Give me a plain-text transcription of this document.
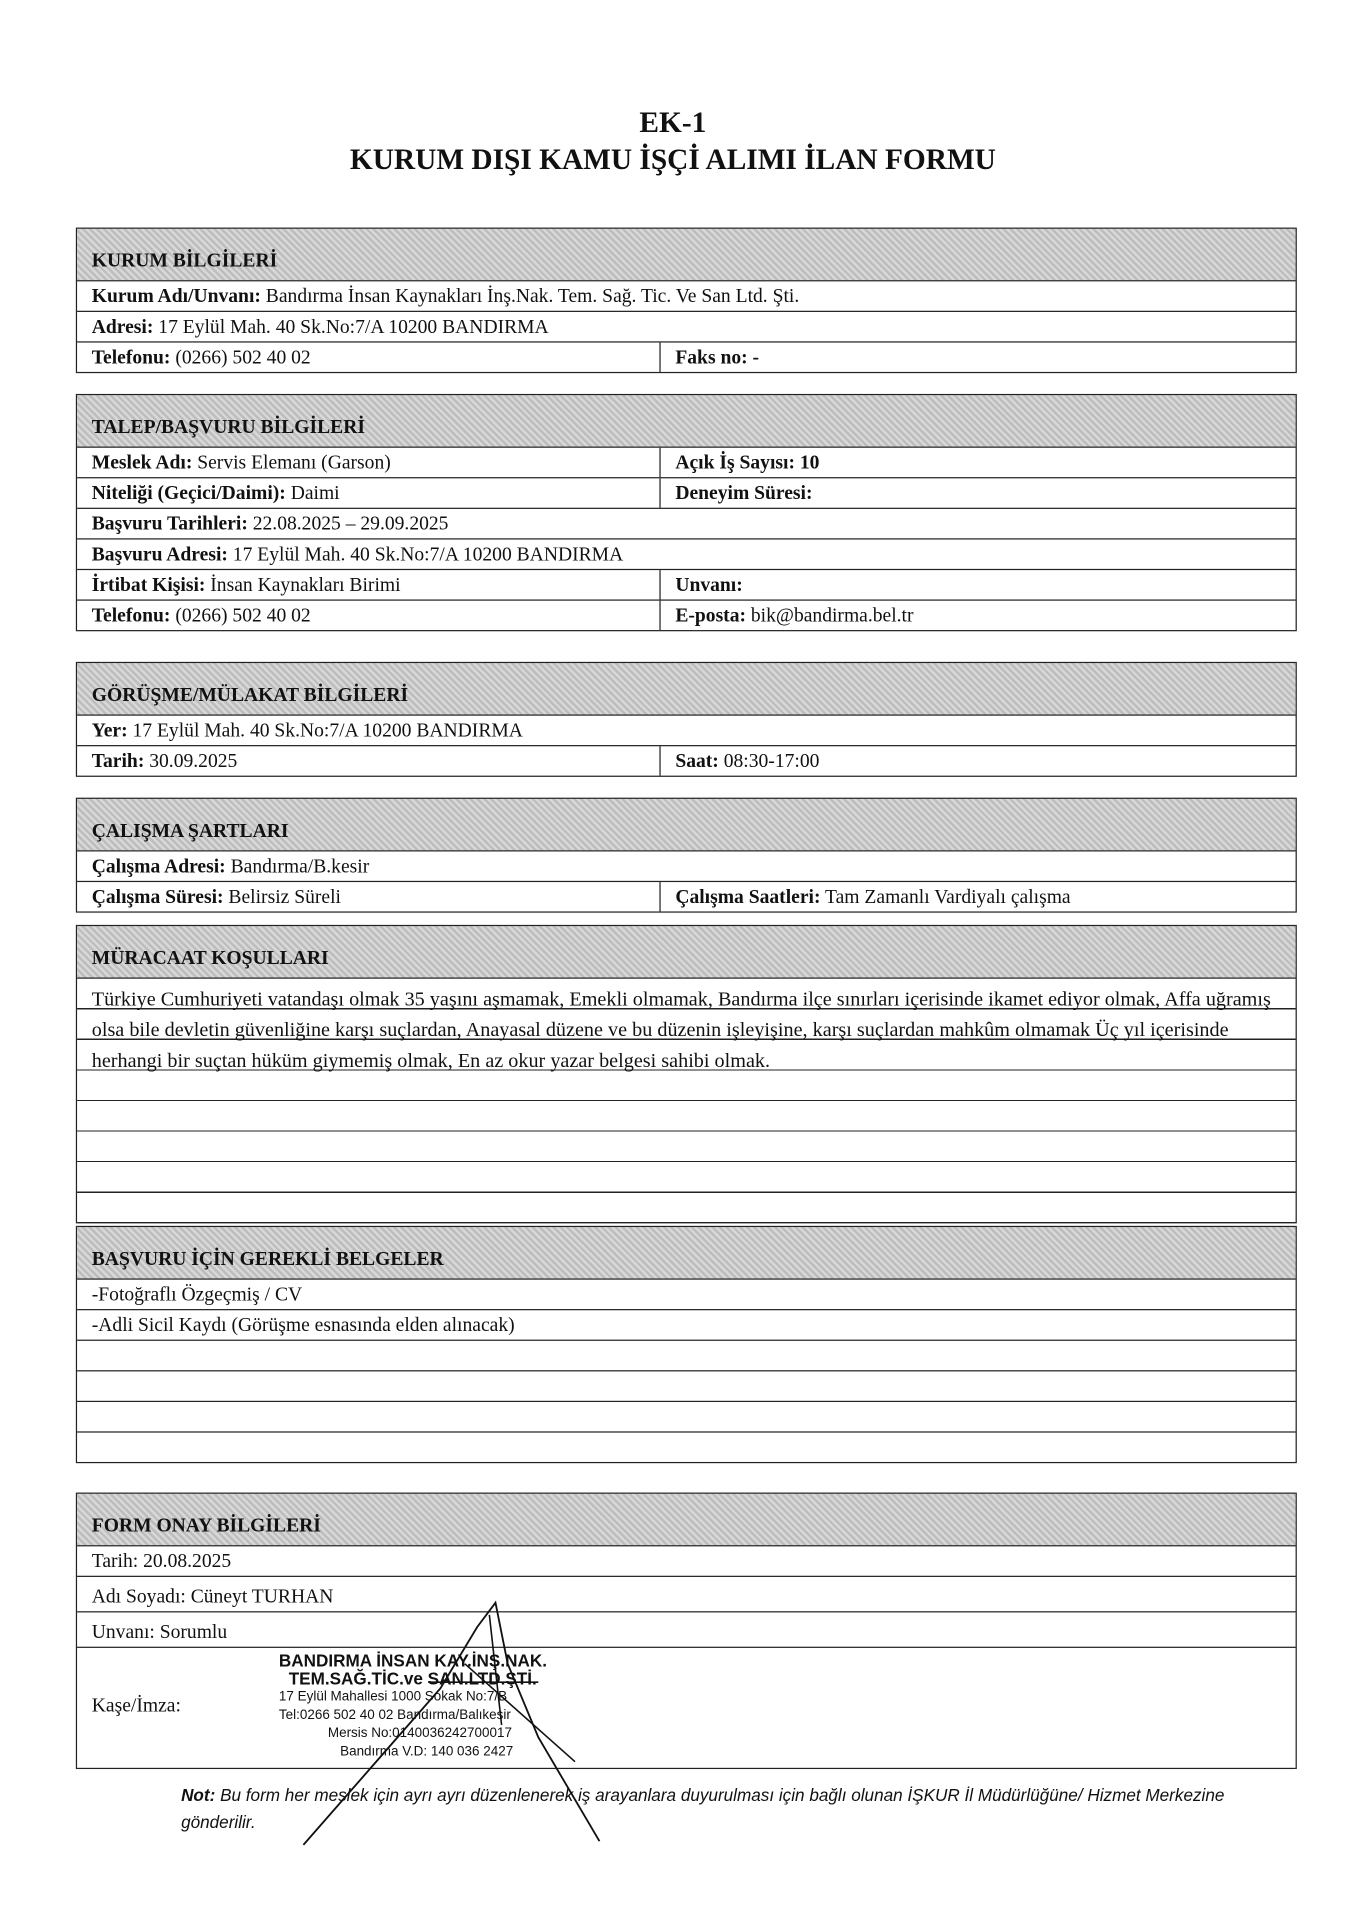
EK-1
KURUM DIŞI KAMU İŞÇİ ALIMI İLAN FORMU
KURUM BİLGİLERİ
Kurum Adı/Unvanı: Bandırma İnsan Kaynakları İnş.Nak. Tem. Sağ. Tic. Ve San Ltd. Şti.
Adresi: 17 Eylül Mah. 40 Sk.No:7/A 10200 BANDIRMA
Telefonu: (0266) 502 40 02	Faks no: -
TALEP/BAŞVURU BİLGİLERİ
Meslek Adı: Servis Elemanı (Garson)	Açık İş Sayısı: 10
Niteliği (Geçici/Daimi): Daimi	Deneyim Süresi:
Başvuru Tarihleri: 22.08.2025 – 29.09.2025
Başvuru Adresi: 17 Eylül Mah. 40 Sk.No:7/A 10200 BANDIRMA
İrtibat Kişisi: İnsan Kaynakları Birimi	Unvanı:
Telefonu: (0266) 502 40 02	E-posta: bik@bandirma.bel.tr
GÖRÜŞME/MÜLAKAT BİLGİLERİ
Yer: 17 Eylül Mah. 40 Sk.No:7/A 10200 BANDIRMA
Tarih: 30.09.2025	Saat: 08:30-17:00
ÇALIŞMA ŞARTLARI
Çalışma Adresi: Bandırma/B.kesir
Çalışma Süresi: Belirsiz Süreli	Çalışma Saatleri: Tam Zamanlı Vardiyalı çalışma
MÜRACAAT KOŞULLARI
Türkiye Cumhuriyeti vatandaşı olmak 35 yaşını aşmamak, Emekli olmamak, Bandırma ilçe sınırları içerisinde ikamet ediyor olmak, Affa uğramış olsa bile devletin güvenliğine karşı suçlardan, Anayasal düzene ve bu düzenin işleyişine, karşı suçlardan mahkûm olmamak Üç yıl içerisinde herhangi bir suçtan hüküm giymemiş olmak, En az okur yazar belgesi sahibi olmak.
BAŞVURU İÇİN GEREKLİ BELGELER
-Fotoğraflı Özgeçmiş / CV
-Adli Sicil Kaydı (Görüşme esnasında elden alınacak)
FORM ONAY BİLGİLERİ
Tarih: 20.08.2025
Adı Soyadı: Cüneyt TURHAN
Unvanı: Sorumlu
Kaşe/İmza:
BANDIRMA İNSAN KAY.İNŞ.NAK.
TEM.SAĞ.TİC.ve SAN.LTD.ŞTİ.
17 Eylül Mahallesi 1000 Sokak No:7/B
Tel:0266 502 40 02 Bandırma/Balıkesir
Mersis No:0140036242700017
Bandırma V.D: 140 036 2427
Not: Bu form her meslek için ayrı ayrı düzenlenerek iş arayanlara duyurulması için bağlı olunan İŞKUR İl Müdürlüğüne/ Hizmet Merkezine gönderilir.
